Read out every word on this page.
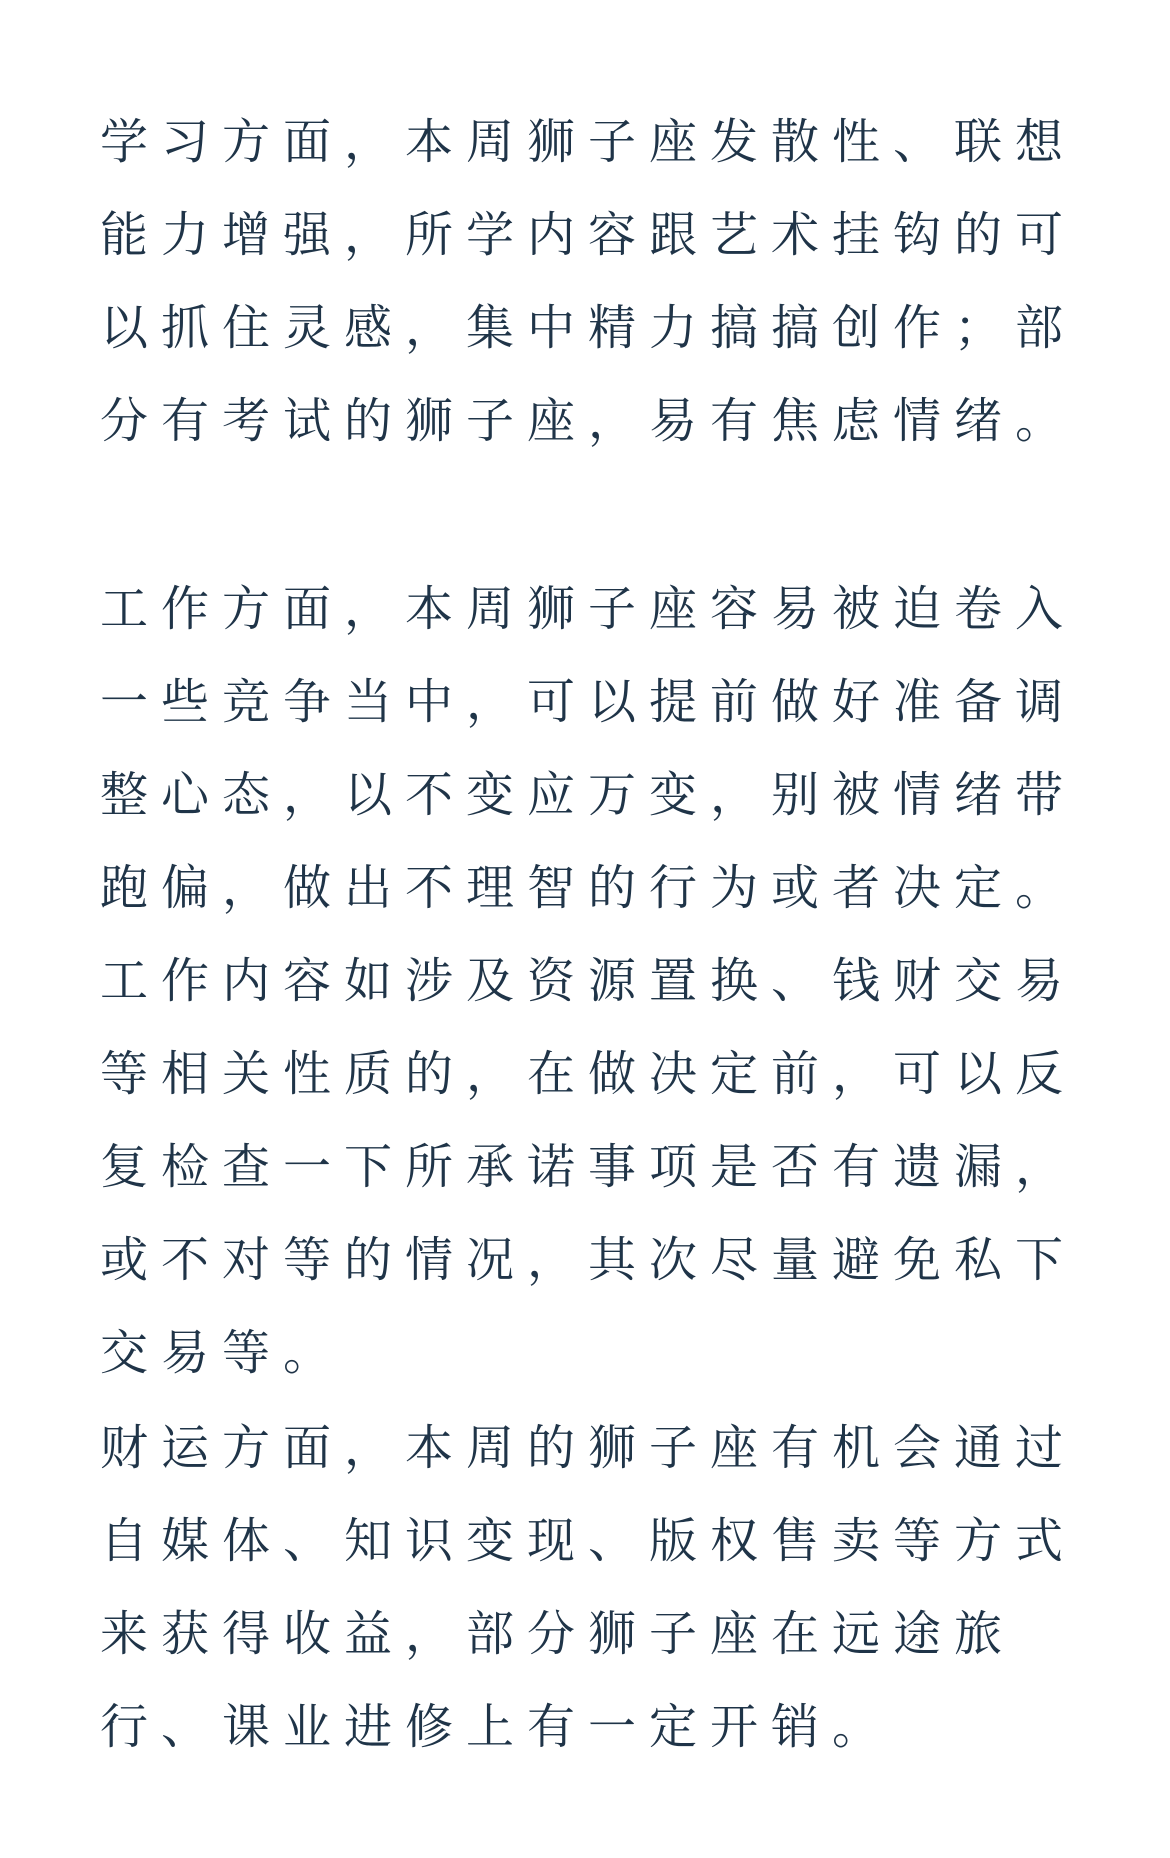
学习方面，本周狮子座发散性、联想能力增强，所学内容跟艺术挂钩的可以抓住灵感，集中精力搞搞创作；部分有考试的狮子座，易有焦虑情绪。

工作方面，本周狮子座容易被迫卷入一些竞争当中，可以提前做好准备调整心态，以不变应万变，别被情绪带跑偏，做出不理智的行为或者决定。工作内容如涉及资源置换、钱财交易等相关性质的，在做决定前，可以反复检查一下所承诺事项是否有遗漏，或不对等的情况，其次尽量避免私下交易等。

财运方面，本周的狮子座有机会通过自媒体、知识变现、版权售卖等方式来获得收益，部分狮子座在远途旅行、课业进修上有一定开销。
